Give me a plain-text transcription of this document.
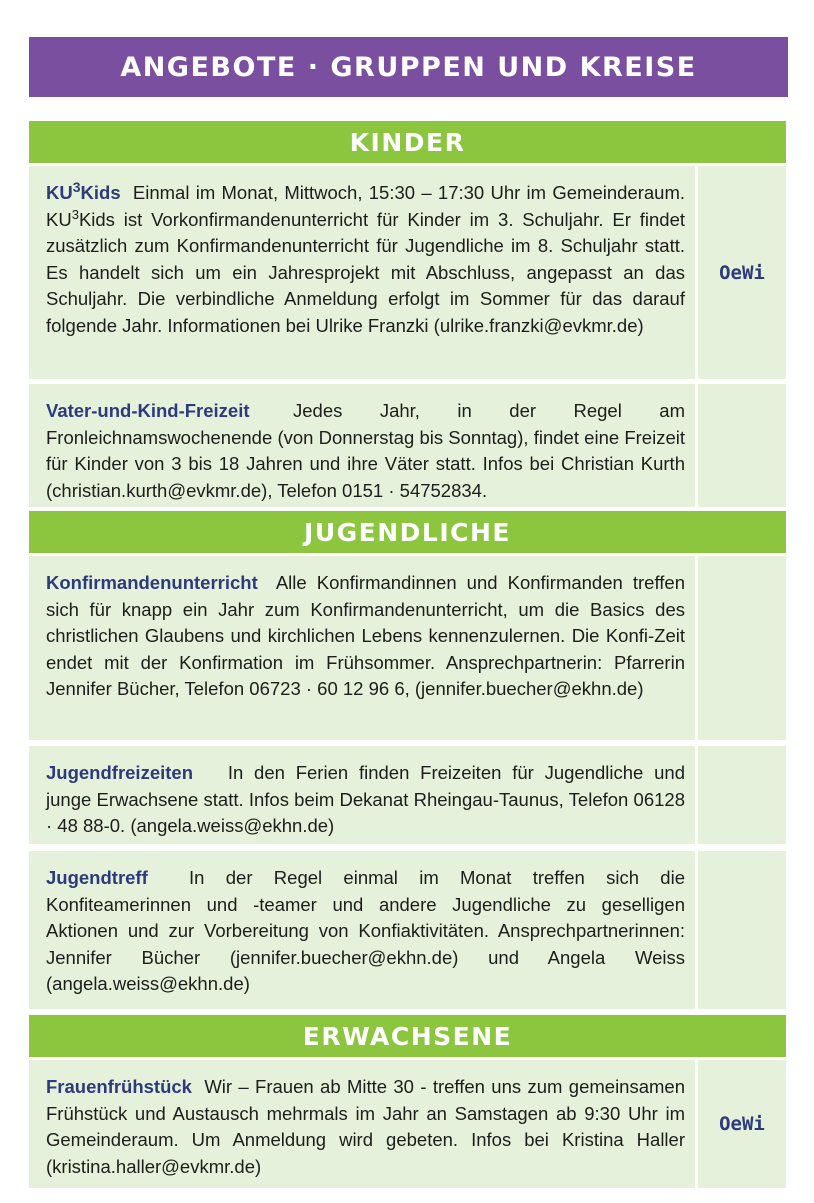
ANGEBOTE · GRUPPEN UND KREISE
KINDER
$KU^3Kids$ Einmal im Monat, Mittwoch, 15:30 – 17:30 Uhr im Gemeinderaum. $KU^3Kids$ ist Vorkonfirmandenunterricht für Kinder im 3. Schuljahr. Er findet zusätzlich zum Konfirmandenunterricht für Jugendliche im 8. Schuljahr statt. Es handelt sich um ein Jahresprojekt mit Abschluss, angepasst an das Schuljahr. Die verbindliche Anmeldung erfolgt im Sommer für das darauf folgende Jahr. Informationen bei Ulrike Franzki (ulrike.franzki@evkmr.de)
OeWi
Vater-und-Kind-Freizeit Jedes Jahr, in der Regel am Fronleichnamswochenende (von Donnerstag bis Sonntag), findet eine Freizeit für Kinder von 3 bis 18 Jahren und ihre Väter statt. Infos bei Christian Kurth (christian.kurth@evkmr.de), Telefon 0151 · 54752834.
JUGENDLICHE
Konfirmandenunterricht Alle Konfirmandinnen und Konfirmanden treffen sich für knapp ein Jahr zum Konfirmandenunterricht, um die Basics des christlichen Glaubens und kirchlichen Lebens kennenzulernen. Die Konfi-Zeit endet mit der Konfirmation im Frühsommer. Ansprechpartnerin: Pfarrerin Jennifer Bücher, Telefon 06723 · 60 12 96 6, (jennifer.buecher@ekhn.de)
Jugendfreizeiten In den Ferien finden Freizeiten für Jugendliche und junge Erwachsene statt. Infos beim Dekanat Rheingau-Taunus, Telefon 06128 · 48 88-0. (angela.weiss@ekhn.de)
Jugendtreff In der Regel einmal im Monat treffen sich die Konfiteamerinnen und -teamer und andere Jugendliche zu geselligen Aktionen und zur Vorbereitung von Konfiaktivitäten. Ansprechpartnerinnen: Jennifer Bücher (jennifer.buecher@ekhn.de) und Angela Weiss (angela.weiss@ekhn.de)
ERWACHSENE
Frauenfrühstück Wir – Frauen ab Mitte 30 - treffen uns zum gemeinsamen Frühstück und Austausch mehrmals im Jahr an Samstagen ab 9:30 Uhr im Gemeinderaum. Um Anmeldung wird gebeten. Infos bei Kristina Haller (kristina.haller@evkmr.de)
OeWi
